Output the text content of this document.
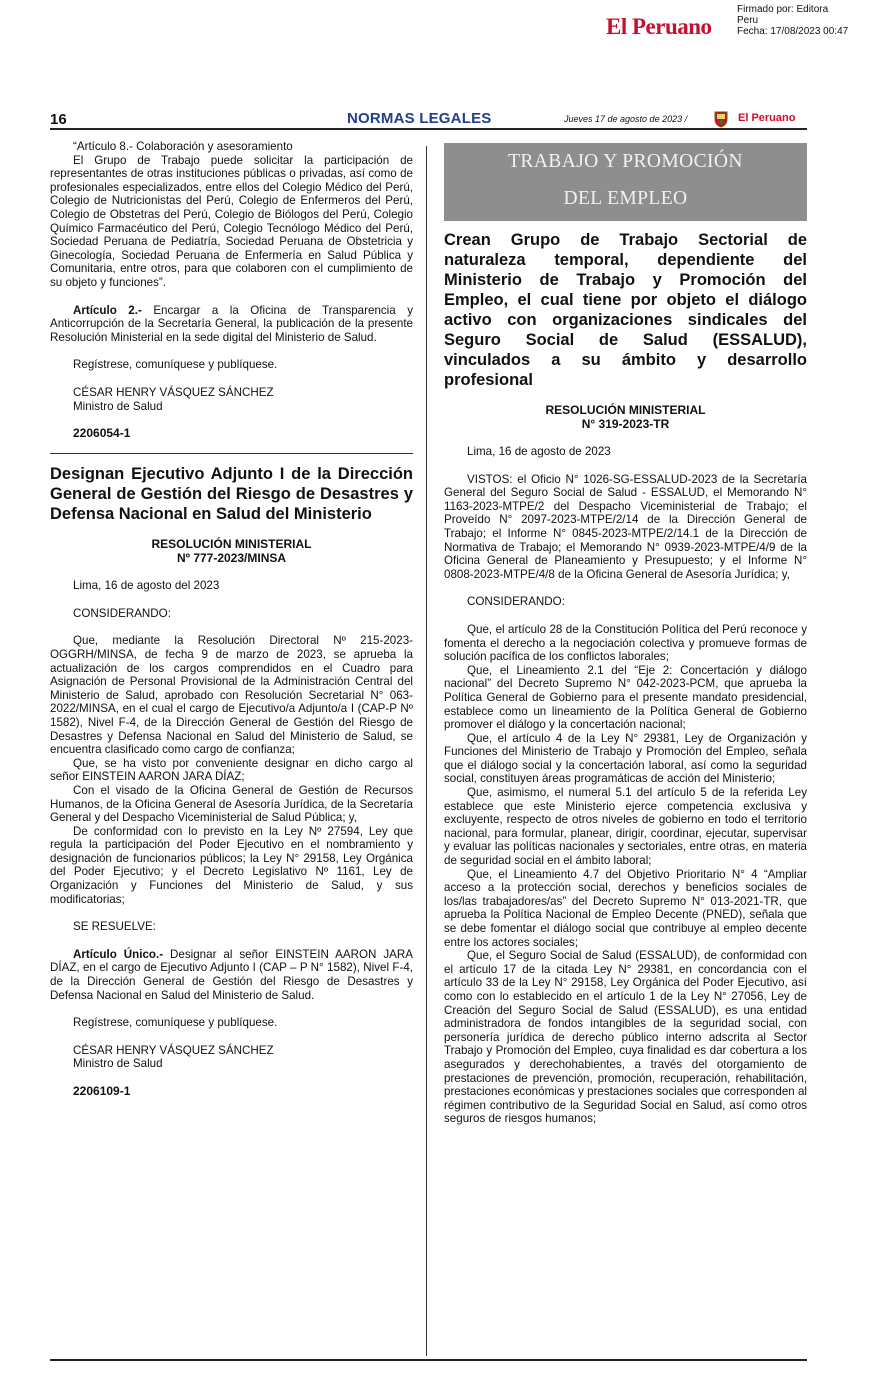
El Peruano
Firmado por: Editora
Peru
Fecha: 17/08/2023 00:47
16	NORMAS LEGALES	Jueves 17 de agosto de 2023 /	El Peruano

“Artículo 8.- Colaboración y asesoramiento

El Grupo de Trabajo puede solicitar la participación de representantes de otras instituciones públicas o privadas, así como de profesionales especializados, entre ellos del Colegio Médico del Perú, Colegio de Nutricionistas del Perú, Colegio de Enfermeros del Perú, Colegio de Obstetras del Perú, Colegio de Biólogos del Perú, Colegio Químico Farmacéutico del Perú, Colegio Tecnólogo Médico del Perú, Sociedad Peruana de Pediatría, Sociedad Peruana de Obstetricia y Ginecología, Sociedad Peruana de Enfermería en Salud Pública y Comunitaria, entre otros, para que colaboren con el cumplimiento de su objeto y funciones”.

Artículo 2.- Encargar a la Oficina de Transparencia y Anticorrupción de la Secretaría General, la publicación de la presente Resolución Ministerial en la sede digital del Ministerio de Salud.

Regístrese, comuníquese y publíquese.

CÉSAR HENRY VÁSQUEZ SÁNCHEZ

Ministro de Salud

2206054-1
Designan Ejecutivo Adjunto I de la Dirección General de Gestión del Riesgo de Desastres y Defensa Nacional en Salud del Ministerio

RESOLUCIÓN MINISTERIAL

Nº 777-2023/MINSA

Lima, 16 de agosto del 2023

CONSIDERANDO:

Que, mediante la Resolución Directoral Nº 215-2023-OGGRH/MINSA, de fecha 9 de marzo de 2023, se aprueba la actualización de los cargos comprendidos en el Cuadro para Asignación de Personal Provisional de la Administración Central del Ministerio de Salud, aprobado con Resolución Secretarial N° 063-2022/MINSA, en el cual el cargo de Ejecutivo/a Adjunto/a I (CAP-P Nº 1582), Nivel F-4, de la Dirección General de Gestión del Riesgo de Desastres y Defensa Nacional en Salud del Ministerio de Salud, se encuentra clasificado como cargo de confianza;

Que, se ha visto por conveniente designar en dicho cargo al señor EINSTEIN AARON JARA DÍAZ;

Con el visado de la Oficina General de Gestión de Recursos Humanos, de la Oficina General de Asesoría Jurídica, de la Secretaría General y del Despacho Viceministerial de Salud Pública; y,

De conformidad con lo previsto en la Ley Nº 27594, Ley que regula la participación del Poder Ejecutivo en el nombramiento y designación de funcionarios públicos; la Ley N° 29158, Ley Orgánica del Poder Ejecutivo; y el Decreto Legislativo Nº 1161, Ley de Organización y Funciones del Ministerio de Salud, y sus modificatorias;

SE RESUELVE:

Artículo Único.- Designar al señor EINSTEIN AARON JARA DÍAZ, en el cargo de Ejecutivo Adjunto I (CAP – P N° 1582), Nivel F-4, de la Dirección General de Gestión del Riesgo de Desastres y Defensa Nacional en Salud del Ministerio de Salud.

Regístrese, comuníquese y publíquese.

CÉSAR HENRY VÁSQUEZ SÁNCHEZ

Ministro de Salud

2206109-1
TRABAJO Y PROMOCIÓN
DEL EMPLEO
Crean Grupo de Trabajo Sectorial de naturaleza temporal, dependiente del Ministerio de Trabajo y Promoción del Empleo, el cual tiene por objeto el diálogo activo con organizaciones sindicales del Seguro Social de Salud (ESSALUD), vinculados a su ámbito y desarrollo profesional

RESOLUCIÓN MINISTERIAL

N° 319-2023-TR

Lima, 16 de agosto de 2023

VISTOS: el Oficio N° 1026-SG-ESSALUD-2023 de la Secretaría General del Seguro Social de Salud - ESSALUD, el Memorando N° 1163-2023-MTPE/2 del Despacho Viceministerial de Trabajo; el Proveído N° 2097-2023-MTPE/2/14 de la Dirección General de Trabajo; el Informe N° 0845-2023-MTPE/2/14.1 de la Dirección de Normativa de Trabajo; el Memorando N° 0939-2023-MTPE/4/9 de la Oficina General de Planeamiento y Presupuesto; y el Informe N° 0808-2023-MTPE/4/8 de la Oficina General de Asesoría Jurídica; y,

CONSIDERANDO:

Que, el artículo 28 de la Constitución Política del Perú reconoce y fomenta el derecho a la negociación colectiva y promueve formas de solución pacífica de los conflictos laborales;

Que, el Lineamiento 2.1 del “Eje 2: Concertación y diálogo nacional” del Decreto Supremo N° 042-2023-PCM, que aprueba la Política General de Gobierno para el presente mandato presidencial, establece como un lineamiento de la Política General de Gobierno promover el diálogo y la concertación nacional;

Que, el artículo 4 de la Ley N° 29381, Ley de Organización y Funciones del Ministerio de Trabajo y Promoción del Empleo, señala que el diálogo social y la concertación laboral, así como la seguridad social, constituyen áreas programáticas de acción del Ministerio;

Que, asimismo, el numeral 5.1 del artículo 5 de la referida Ley establece que este Ministerio ejerce competencia exclusiva y excluyente, respecto de otros niveles de gobierno en todo el territorio nacional, para formular, planear, dirigir, coordinar, ejecutar, supervisar y evaluar las políticas nacionales y sectoriales, entre otras, en materia de seguridad social en el ámbito laboral;

Que, el Lineamiento 4.7 del Objetivo Prioritario N° 4 “Ampliar acceso a la protección social, derechos y beneficios sociales de los/las trabajadores/as” del Decreto Supremo N° 013-2021-TR, que aprueba la Política Nacional de Empleo Decente (PNED), señala que se debe fomentar el diálogo social que contribuye al empleo decente entre los actores sociales;

Que, el Seguro Social de Salud (ESSALUD), de conformidad con el artículo 17 de la citada Ley N° 29381, en concordancia con el artículo 33 de la Ley N° 29158, Ley Orgánica del Poder Ejecutivo, así como con lo establecido en el artículo 1 de la Ley N° 27056, Ley de Creación del Seguro Social de Salud (ESSALUD), es una entidad administradora de fondos intangibles de la seguridad social, con personería jurídica de derecho público interno adscrita al Sector Trabajo y Promoción del Empleo, cuya finalidad es dar cobertura a los asegurados y derechohabientes, a través del otorgamiento de prestaciones de prevención, promoción, recuperación, rehabilitación, prestaciones económicas y prestaciones sociales que corresponden al régimen contributivo de la Seguridad Social en Salud, así como otros seguros de riesgos humanos;
